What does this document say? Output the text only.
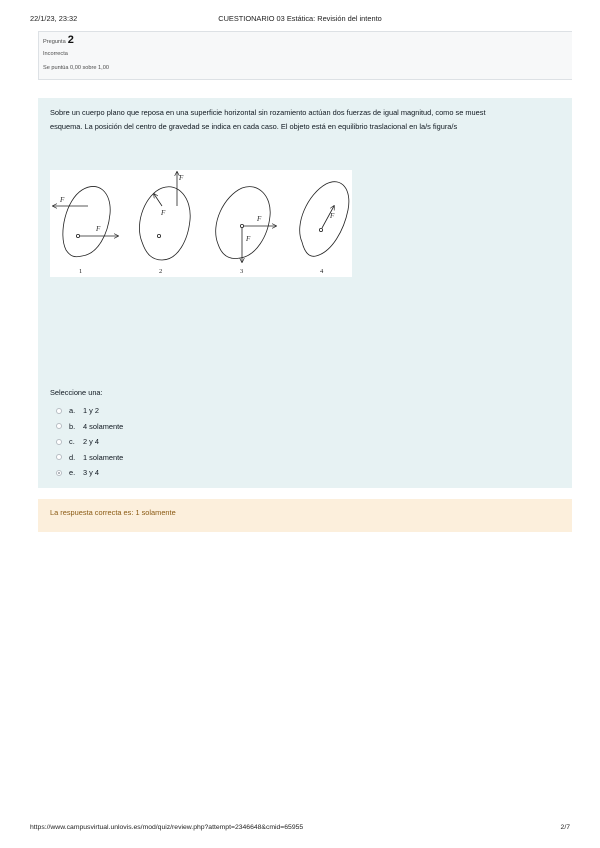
22/1/23, 23:32	CUESTIONARIO 03 Estática: Revisión del intento
Pregunta 2
Incorrecta
Se puntúa 0,00 sobre 1,00

Sobre un cuerpo plano que reposa en una superficie horizontal sin rozamiento actúan dos fuerzas de igual magnitud, como se muest

esquema. La posición del centro de gravedad se indica en cada caso. El objeto está en equilibrio traslacional en la/s figura/s

F
F
1
F
F
2
F
F
3
F
4
Seleccione una:
a.	1 y 2
b.	4 solamente
c.	2 y 4
d.	1 solamente
e.	3 y 4
La respuesta correcta es: 1 solamente
https://www.campusvirtual.unlovis.es/mod/quiz/review.php?attempt=2346648&cmid=65955	2/7
